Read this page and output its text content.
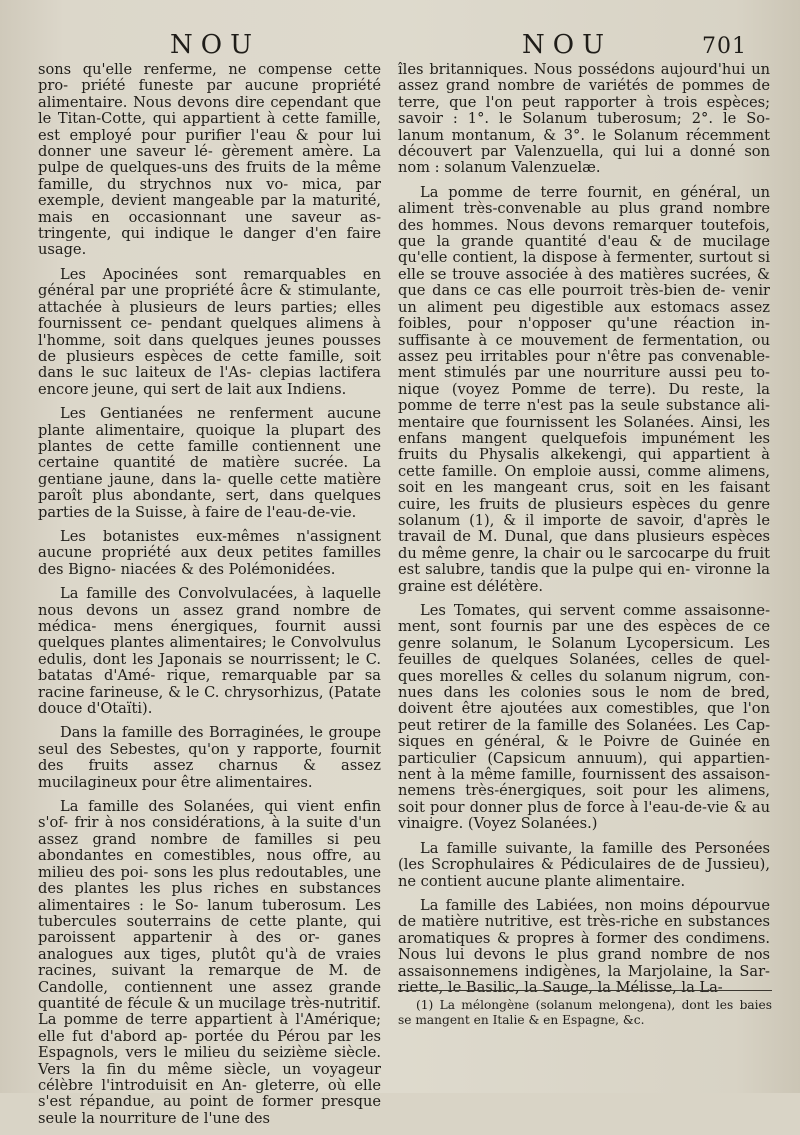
NOU	NOU	701

sons qu'elle renferme, ne compense cette pro- priété funeste par aucune propriété alimentaire. Nous devons dire cependant que le Titan-Cotte, qui appartient à cette famille, est employé pour purifier l'eau & pour lui donner une saveur lé- gèrement amère. La pulpe de quelques-uns des fruits de la même famille, du strychnos nux vo- mica, par exemple, devient mangeable par la maturité, mais en occasionnant une saveur as- tringente, qui indique le danger d'en faire usage.

Les Apocinées sont remarquables en général par une propriété âcre & stimulante, attachée à plusieurs de leurs parties; elles fournissent ce- pendant quelques alimens à l'homme, soit dans quelques jeunes pousses de plusieurs espèces de cette famille, soit dans le suc laiteux de l'As- clepias lactifera encore jeune, qui sert de lait aux Indiens.

Les Gentianées ne renferment aucune plante alimentaire, quoique la plupart des plantes de cette famille contiennent une certaine quantité de matière sucrée. La gentiane jaune, dans la- quelle cette matière paroît plus abondante, sert, dans quelques parties de la Suisse, à faire de l'eau-de-vie.

Les botanistes eux-mêmes n'assignent aucune propriété aux deux petites familles des Bigno- niacées & des Polémonidées.

La famille des Convolvulacées, à laquelle nous devons un assez grand nombre de médica- mens énergiques, fournit aussi quelques plantes alimentaires; le Convolvulus edulis, dont les Japonais se nourrissent; le C. batatas d'Amé- rique, remarquable par sa racine farineuse, & le C. chrysorhizus, (Patate douce d'Otaïti).

Dans la famille des Borraginées, le groupe seul des Sebestes, qu'on y rapporte, fournit des fruits assez charnus & assez mucilagineux pour être alimentaires.

La famille des Solanées, qui vient enfin s'of- frir à nos considérations, à la suite d'un assez grand nombre de familles si peu abondantes en comestibles, nous offre, au milieu des poi- sons les plus redoutables, une des plantes les plus riches en substances alimentaires : le So- lanum tuberosum. Les tubercules souterrains de cette plante, qui paroissent appartenir à des or- ganes analogues aux tiges, plutôt qu'à de vraies racines, suivant la remarque de M. de Candolle, contiennent une assez grande quantité de fécule & un mucilage très-nutritif. La pomme de terre appartient à l'Amérique; elle fut d'abord ap- portée du Pérou par les Espagnols, vers le milieu du seizième siècle. Vers la fin du même siècle, un voyageur célèbre l'introduisit en An- gleterre, où elle s'est répandue, au point de former presque seule la nourriture de l'une des

îles britanniques. Nous possédons aujourd'hui un assez grand nombre de variétés de pommes de terre, que l'on peut rapporter à trois espèces; savoir : 1°. le Solanum tuberosum; 2°. le So- lanum montanum, & 3°. le Solanum récemment découvert par Valenzuella, qui lui a donné son nom : solanum Valenzuelæ.

La pomme de terre fournit, en général, un aliment très-convenable au plus grand nombre des hommes. Nous devons remarquer toutefois, que la grande quantité d'eau & de mucilage qu'elle contient, la dispose à fermenter, surtout si elle se trouve associée à des matières sucrées, & que dans ce cas elle pourroit très-bien de- venir un aliment peu digestible aux estomacs assez foibles, pour n'opposer qu'une réaction in- suffisante à ce mouvement de fermentation, ou assez peu irritables pour n'être pas convenable- ment stimulés par une nourriture aussi peu to- nique (voyez Pomme de terre). Du reste, la pomme de terre n'est pas la seule substance ali- mentaire que fournissent les Solanées. Ainsi, les enfans mangent quelquefois impunément les fruits du Physalis alkekengi, qui appartient à cette famille. On emploie aussi, comme alimens, soit en les mangeant crus, soit en les faisant cuire, les fruits de plusieurs espèces du genre solanum (1), & il importe de savoir, d'après le travail de M. Dunal, que dans plusieurs espèces du même genre, la chair ou le sarcocarpe du fruit est salubre, tandis que la pulpe qui en- vironne la graine est délétère.

Les Tomates, qui servent comme assaisonne- ment, sont fournis par une des espèces de ce genre solanum, le Solanum Lycopersicum. Les feuilles de quelques Solanées, celles de quel- ques morelles & celles du solanum nigrum, con- nues dans les colonies sous le nom de bred, doivent être ajoutées aux comestibles, que l'on peut retirer de la famille des Solanées. Les Cap- siques en général, & le Poivre de Guinée en particulier (Capsicum annuum), qui appartien- nent à la même famille, fournissent des assaison- nemens très-énergiques, soit pour les alimens, soit pour donner plus de force à l'eau-de-vie & au vinaigre. (Voyez Solanées.)

La famille suivante, la famille des Personées (les Scrophulaires & Pédiculaires de de Jussieu), ne contient aucune plante alimentaire.

La famille des Labiées, non moins dépourvue de matière nutritive, est très-riche en substances aromatiques & propres à former des condimens. Nous lui devons le plus grand nombre de nos assaisonnemens indigènes, la Marjolaine, la Sar- riette, le Basilic, la Sauge, la Mélisse, la La-

(1) La mélongène (solanum melongena), dont les baies se mangent en Italie & en Espagne, &c.
